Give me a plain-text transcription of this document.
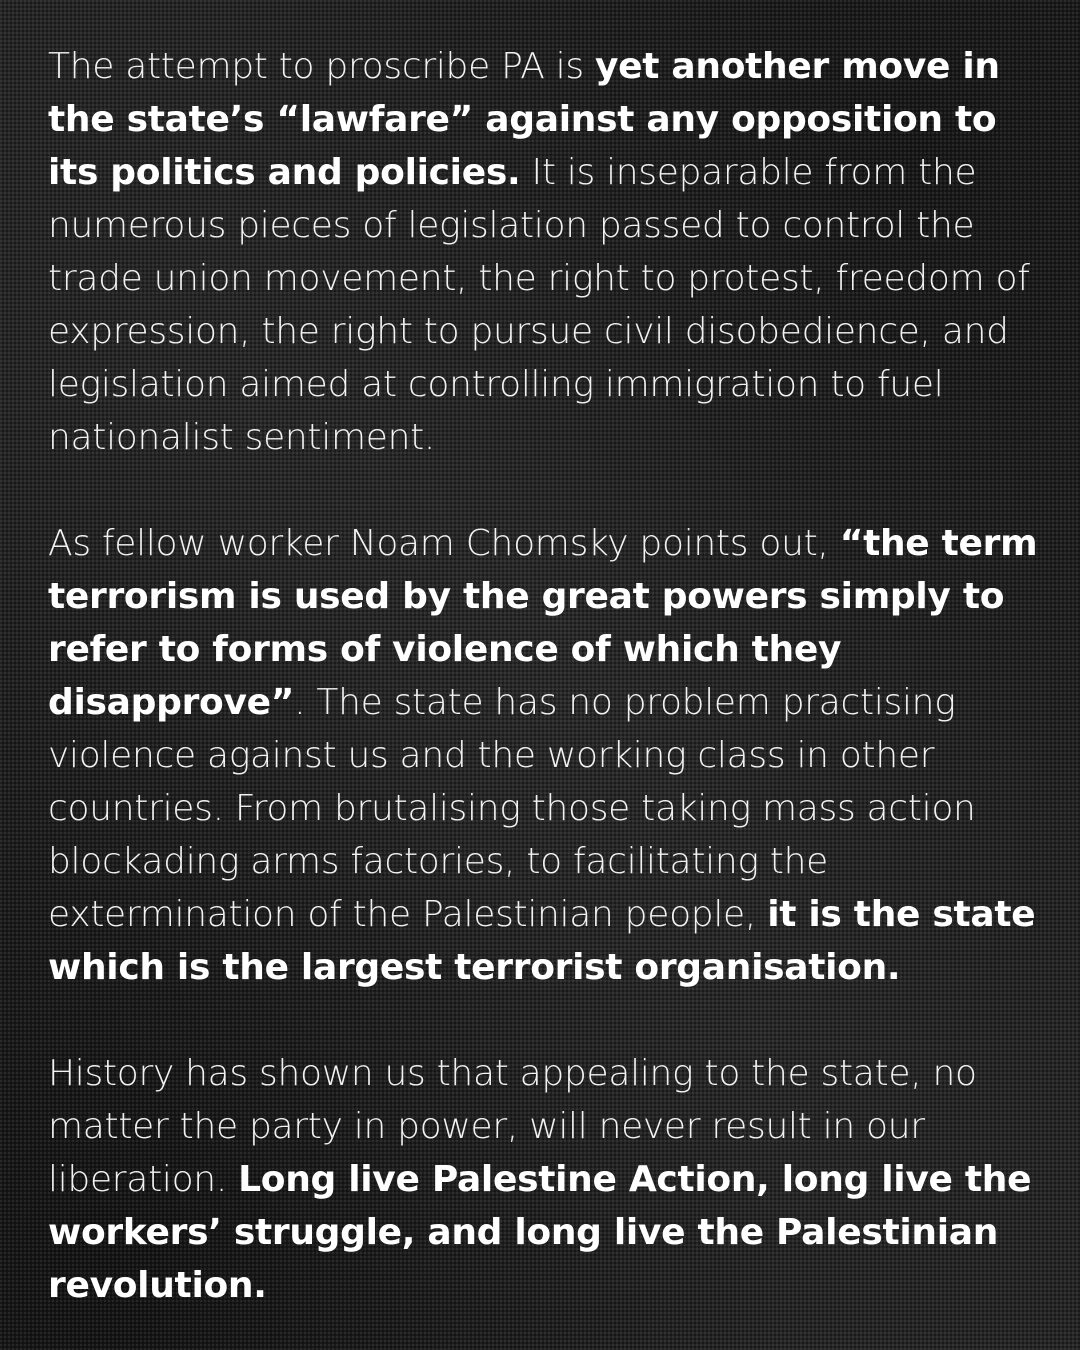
The attempt to proscribe PA is yet another move in the state’s “lawfare” against any opposition to its politics and policies. It is inseparable from the numerous pieces of legislation passed to control the trade union movement, the right to protest, freedom of expression, the right to pursue civil disobedience, and legislation aimed at controlling immigration to fuel nationalist sentiment.

As fellow worker Noam Chomsky points out, “the term terrorism is used by the great powers simply to refer to forms of violence of which they disapprove”. The state has no problem practising violence against us and the working class in other countries. From brutalising those taking mass action blockading arms factories, to facilitating the extermination of the Palestinian people, it is the state which is the largest terrorist organisation.

History has shown us that appealing to the state, no matter the party in power, will never result in our liberation. Long live Palestine Action, long live the workers’ struggle, and long live the Palestinian revolution.
